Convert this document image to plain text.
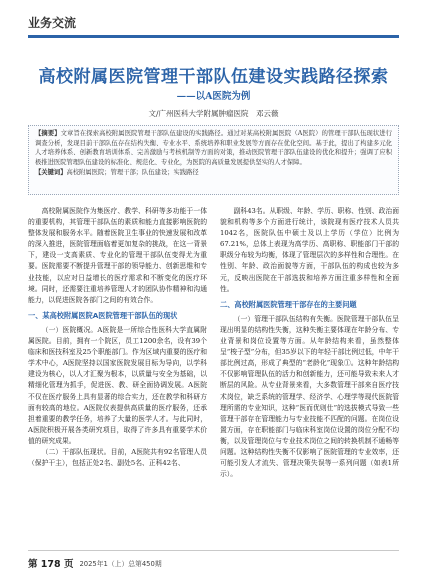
业务交流
高校附属医院管理干部队伍建设实践路径探索
——以A医院为例
文/广州医科大学附属肿瘤医院　邓云薇
【摘要】文章旨在探索高校附属医院管理干部队伍建设的实践路径。通过对某高校附属医院（A医院）的管理干部队伍现状进行调查分析，发现目前干部队伍存在结构失衡、专业水平、系统培养和职业发展等方面存在优化空间。基于此，提出了构建多元化人才培养体系、创新教育培训体系、完善激励与考核机制等方面的对策，推动医院管理干部队伍建设的优化和提升；强调了应积极推进医院管理队伍建设的标准化、规范化、专业化，为医院的高质量发展提供坚实的人才保障。
【关键词】高校附属医院；管理干部；队伍建设；实践路径

高校附属医院作为集医疗、教学、科研等多功能于一体的重要机构，其管理干部队伍的素质和能力直接影响医院的整体发展和服务水平。随着医院卫生事业的快速发展和改革的深入推进，医院管理面临着更加复杂的挑战，在这一背景下，建设一支高素质、专业化的管理干部队伍变得尤为重要。医院需要不断提升管理干部的领导能力、创新思维和专业技能，以应对日益增长的医疗需求和不断变化的医疗环境。同时，还需要注重培养管理人才的团队协作精神和沟通能力，以促进医院各部门之间的有效合作。

一、某高校附属医院A医院管理干部队伍的现状

（一）医院概况。A医院是一所综合性医科大学直属附属医院。目前，拥有一个院区，员工1200余名，设有39个临床和医技科室及25个职能部门。作为区域内重要的医疗和学术中心，A医院坚持以国家医院发展目标为导向，以学科建设为核心，以人才汇聚为根本，以质量与安全为基础，以精细化管理为抓手，促进医、教、研全面协调发展。A医院不仅在医疗服务上具有显著的综合实力，还在教学和科研方面有较高的地位。A医院仪表提供高质量的医疗服务，还承担着重要的教学任务，培养了大量的医学人才。与此同时，A医院积极开展各类研究项目，取得了许多具有重要学术价值的研究成果。

（二）干部队伍现状。目前，A医院共有92名管理人员（保护干主），包括正处2名、副处5名、正科42名、

副科43名。从职级、年龄、学历、职称、性别、政治面貌和机构等多个方面进行统计，该院现有医疗技术人员共1042名，医院队伍中硕士及以上学历（学位）比例为67.21%，总体上表现为高学历、高职称、职能部门干部的职级分布较为均衡，体现了管理层次的多样性和合理性。在性别、年龄、政治面貌等方面，干部队伍的构成也较为多元，反映出医院在干部选拔和培养方面注重多样性和全面性。

二、高校附属医院管理干部存在的主要问题

（一）管理干部队伍结构有失衡。医院管理干部队伍呈现出明显的结构性失衡，这种失衡主要体现在年龄分布、专业背景和岗位设置等方面。从年龄结构来看，虽然整体呈“梭子型”分布，但35岁以下的年轻干部比例过低，中年干部比例过高，形成了典型的“老龄化”现象①。这种年龄结构不仅影响管理队伍的活力和创新能力，还可能导致未来人才断层的风险。从专业背景来看，大多数管理干部来自医疗技术岗位，缺乏系统的管理学、经济学、心理学等现代医院管理所需的专业知识，这种“医而优则仕”的选拔模式导致一些管理干部存在管理能力与专业技能不匹配的问题。在岗位设置方面，存在职能部门与临床科室岗位设置的岗位分配不均衡，以及管理岗位与专业技术岗位之间的转换机制不通畅等问题。这种结构性失衡不仅影响了医院管理的专业效率，还可能引发人才流失、管理决策失误等一系列问题（如表1所示）。

第 178 页 2025年1（上）总第450期
